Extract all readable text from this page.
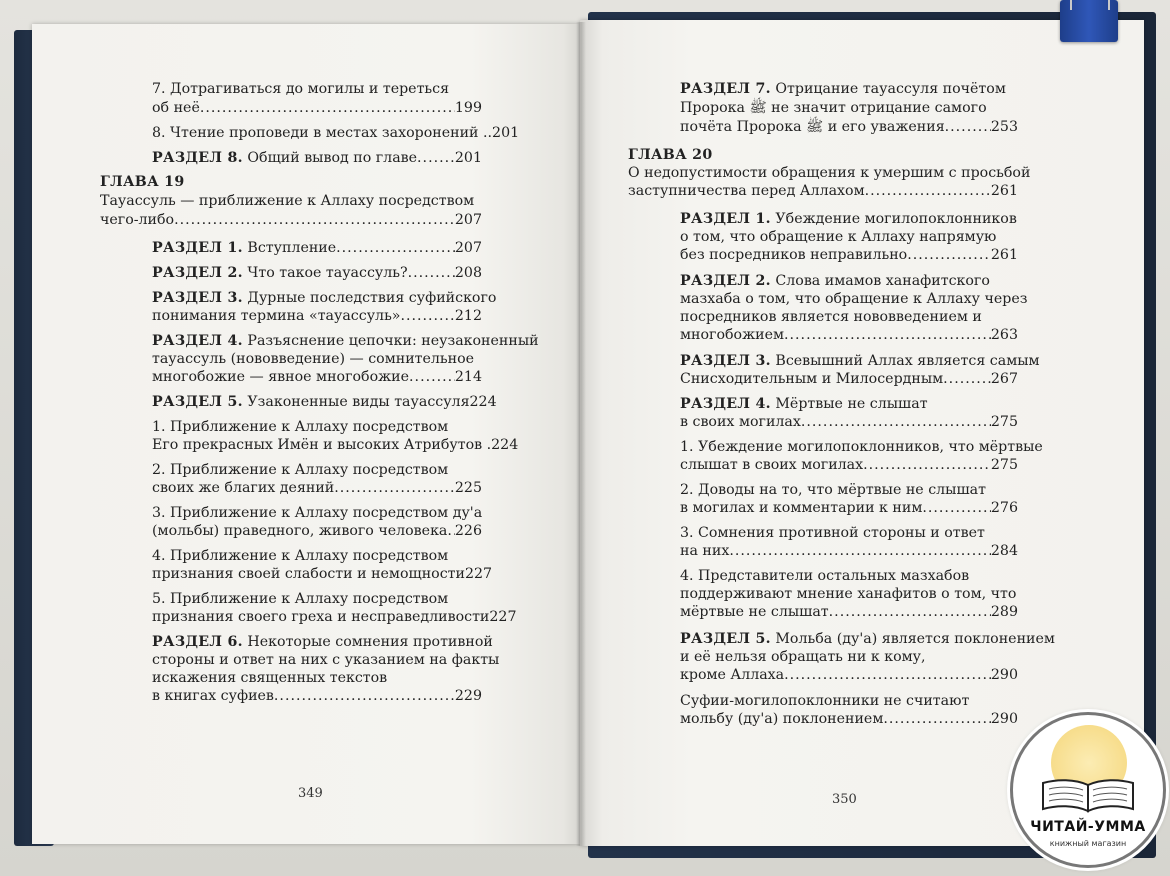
7. Дотрагиваться до могилы и тереться
об неё .....	199
8. Чтение проповеди в местах захоронений .. 201
РАЗДЕЛ 8. Общий вывод по главе .....	201
ГЛАВА 19
Тауассуль — приближение к Аллаху посредством
чего-либо .....	207
РАЗДЕЛ 1. Вступление .....	207
РАЗДЕЛ 2. Что такое тауассуль? .....	208
РАЗДЕЛ 3. Дурные последствия суфийского
понимания термина «тауассуль» .....	212
РАЗДЕЛ 4. Разъяснение цепочки: неузаконенный
тауассуль (нововведение) — сомнительное
многобожие — явное многобожие .....	214
РАЗДЕЛ 5. Узаконенные виды тауассуля 224
1. Приближение к Аллаху посредством
Его прекрасных Имён и высоких Атрибутов . 224
2. Приближение к Аллаху посредством
своих же благих деяний .....	225
3. Приближение к Аллаху посредством ду'а
(мольбы) праведного, живого человека ..... 226
4. Приближение к Аллаху посредством
признания своей слабости и немощности 227
5. Приближение к Аллаху посредством
признания своего греха и несправедливости 227
РАЗДЕЛ 6. Некоторые сомнения противной
стороны и ответ на них с указанием на факты
искажения священных текстов
в книгах суфиев .....	229
349
РАЗДЕЛ 7. Отрицание тауассуля почётом
Пророка ﷺ не значит отрицание самого
почёта Пророка ﷺ и его уважения .....	253
ГЛАВА 20
О недопустимости обращения к умершим с просьбой
заступничества перед Аллахом .....	261
РАЗДЕЛ 1. Убеждение могилопоклонников
о том, что обращение к Аллаху напрямую
без посредников неправильно .....	261
РАЗДЕЛ 2. Слова имамов ханафитского
мазхаба о том, что обращение к Аллаху через
посредников является нововведением и
многобожием .....	263
РАЗДЕЛ 3. Всевышний Аллах является самым
Снисходительным и Милосердным .....	267
РАЗДЕЛ 4. Мёртвые не слышат
в своих могилах .....	275
1. Убеждение могилопоклонников, что мёртвые
слышат в своих могилах .....	275
2. Доводы на то, что мёртвые не слышат
в могилах и комментарии к ним .....	276
3. Сомнения противной стороны и ответ
на них .....	284
4. Представители остальных мазхабов
поддерживают мнение ханафитов о том, что
мёртвые не слышат .....	289
РАЗДЕЛ 5. Мольба (ду'а) является поклонением
и её нельзя обращать ни к кому,
кроме Аллаха .....	290
Суфии-могилопоклонники не считают
мольбу (ду'а) поклонением .....	290
350
ЧИТАЙ-УММА
книжный магазин
